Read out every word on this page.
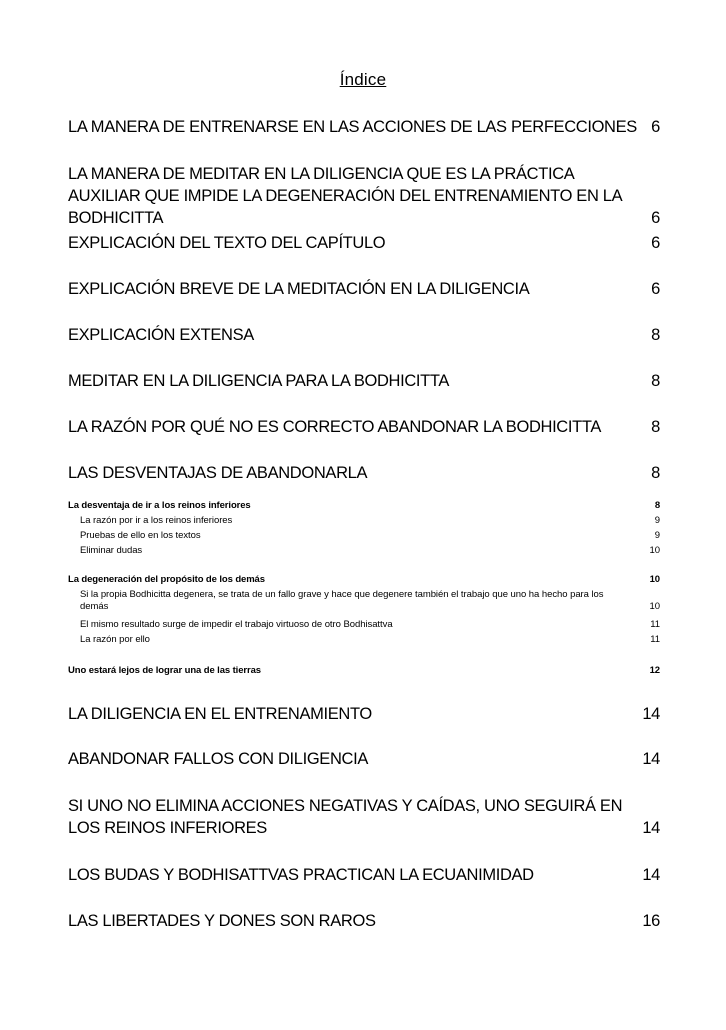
Índice
LA MANERA DE ENTRENARSE EN LAS ACCIONES DE LAS PERFECCIONES 6
LA MANERA DE MEDITAR EN LA DILIGENCIA QUE ES LA PRÁCTICA AUXILIAR QUE IMPIDE LA DEGENERACIÓN DEL ENTRENAMIENTO EN LA BODHICITTA	6
EXPLICACIÓN DEL TEXTO DEL CAPÍTULO	6
EXPLICACIÓN BREVE DE LA MEDITACIÓN EN LA DILIGENCIA	6
EXPLICACIÓN EXTENSA	8
MEDITAR EN LA DILIGENCIA PARA LA BODHICITTA	8
LA RAZÓN POR QUÉ NO ES CORRECTO ABANDONAR LA BODHICITTA	8
LAS DESVENTAJAS DE ABANDONARLA	8
La desventaja de ir a los reinos inferiores	8
La razón por ir a los reinos inferiores	9
Pruebas de ello en los textos	9
Eliminar dudas	10
La degeneración del propósito de los demás	10
Si la propia Bodhicitta degenera, se trata de un fallo grave y hace que degenere también el trabajo que uno ha hecho para los demás	10
El mismo resultado surge de impedir el trabajo virtuoso de otro Bodhisattva	11
La razón por ello	11
Uno estará lejos de lograr una de las tierras	12
LA DILIGENCIA EN EL ENTRENAMIENTO	14
ABANDONAR FALLOS CON DILIGENCIA	14
SI UNO NO ELIMINA ACCIONES NEGATIVAS Y CAÍDAS, UNO SEGUIRÁ EN LOS REINOS INFERIORES	14
LOS BUDAS Y BODHISATTVAS PRACTICAN LA ECUANIMIDAD	14
LAS LIBERTADES Y DONES SON RAROS	16
